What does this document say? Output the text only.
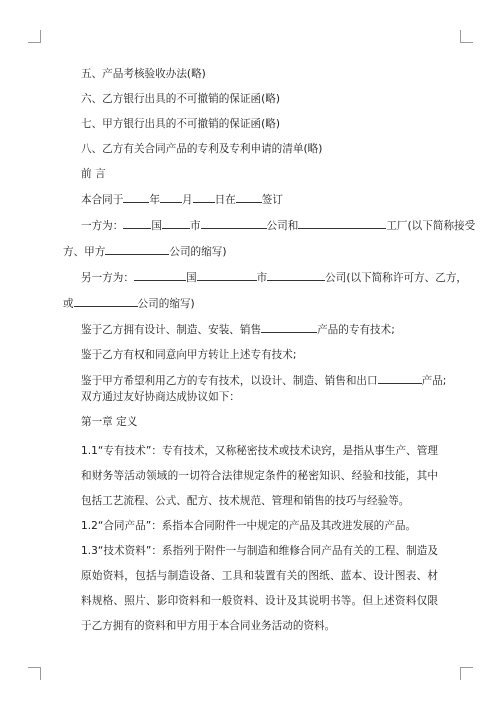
五、产品考核验收办法(略)

六、乙方银行出具的不可撤销的保证函(略)

七、甲方银行出具的不可撤销的保证函(略)

八、乙方有关合同产品的专利及专利申请的清单(略)

前 言

本合同于 年 月 日在 签订

一方为：	国	市	公司和	工厂(以下简称接受

方、甲方	公司的缩写)

另一方为：	国	市	公司(以下简称许可方、乙方，

或	公司的缩写)

鉴于乙方拥有设计、制造、安装、销售	产品的专有技术;

鉴于乙方有权和同意向甲方转让上述专有技术;

鉴于甲方希望利用乙方的专有技术，以设计、制造、销售和出口	产品;

双方通过友好协商达成协议如下：

第一章 定义

1.1“专有技术”：专有技术，又称秘密技术或技术诀窍，是指从事生产、管理和财务等活动领域的一切符合法律规定条件的秘密知识、经验和技能，其中包括工艺流程、公式、配方、技术规范、管理和销售的技巧与经验等。

1.2“合同产品”：系指本合同附件一中规定的产品及其改进发展的产品。

1.3“技术资料”：系指列于附件一与制造和维修合同产品有关的工程、制造及原始资料，包括与制造设备、工具和装置有关的图纸、蓝本、设计图表、材料规格、照片、影印资料和一般资料、设计及其说明书等。但上述资料仅限于乙方拥有的资料和甲方用于本合同业务活动的资料。
